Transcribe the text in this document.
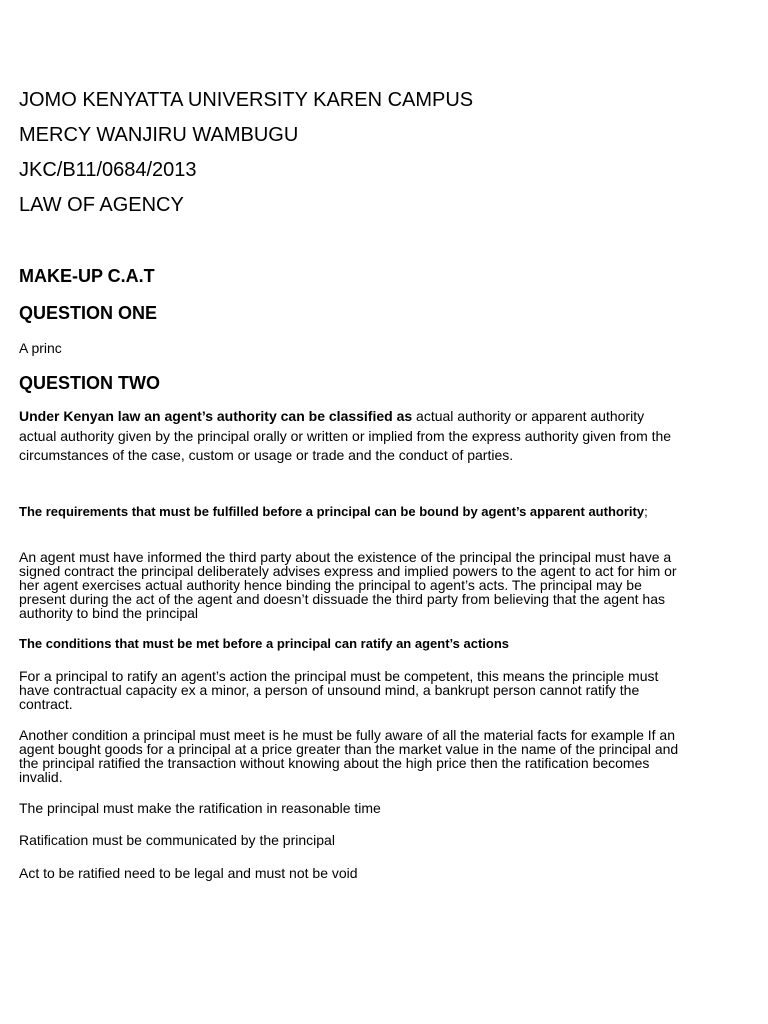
JOMO KENYATTA UNIVERSITY KAREN CAMPUS
MERCY WANJIRU WAMBUGU
JKC/B11/0684/2013
LAW OF AGENCY
MAKE-UP C.A.T
QUESTION ONE

A princ

QUESTION TWO

Under Kenyan law an agent’s authority can be classified as actual authority or apparent authority actual authority given by the principal orally or written or implied from the express authority given from the circumstances of the case, custom or usage or trade and the conduct of parties.

The requirements that must be fulfilled before a principal can be bound by agent’s apparent authority;

An agent must have informed the third party about the existence of the principal the principal must have a signed contract the principal deliberately advises express and implied powers to the agent to act for him or her agent exercises actual authority hence binding the principal to agent’s acts. The principal may be present during the act of the agent and doesn’t dissuade the third party from believing that the agent has authority to bind the principal

The conditions that must be met before a principal can ratify an agent’s actions

For a principal to ratify an agent’s action the principal must be competent, this means the principle must have contractual capacity ex a minor, a person of unsound mind, a bankrupt person cannot ratify the contract.

Another condition a principal must meet is he must be fully aware of all the material facts for example If an agent bought goods for a principal at a price greater than the market value in the name of the principal and the principal ratified the transaction without knowing about the high price then the ratification becomes invalid.

The principal must make the ratification in reasonable time

Ratification must be communicated by the principal

Act to be ratified need to be legal and must not be void
